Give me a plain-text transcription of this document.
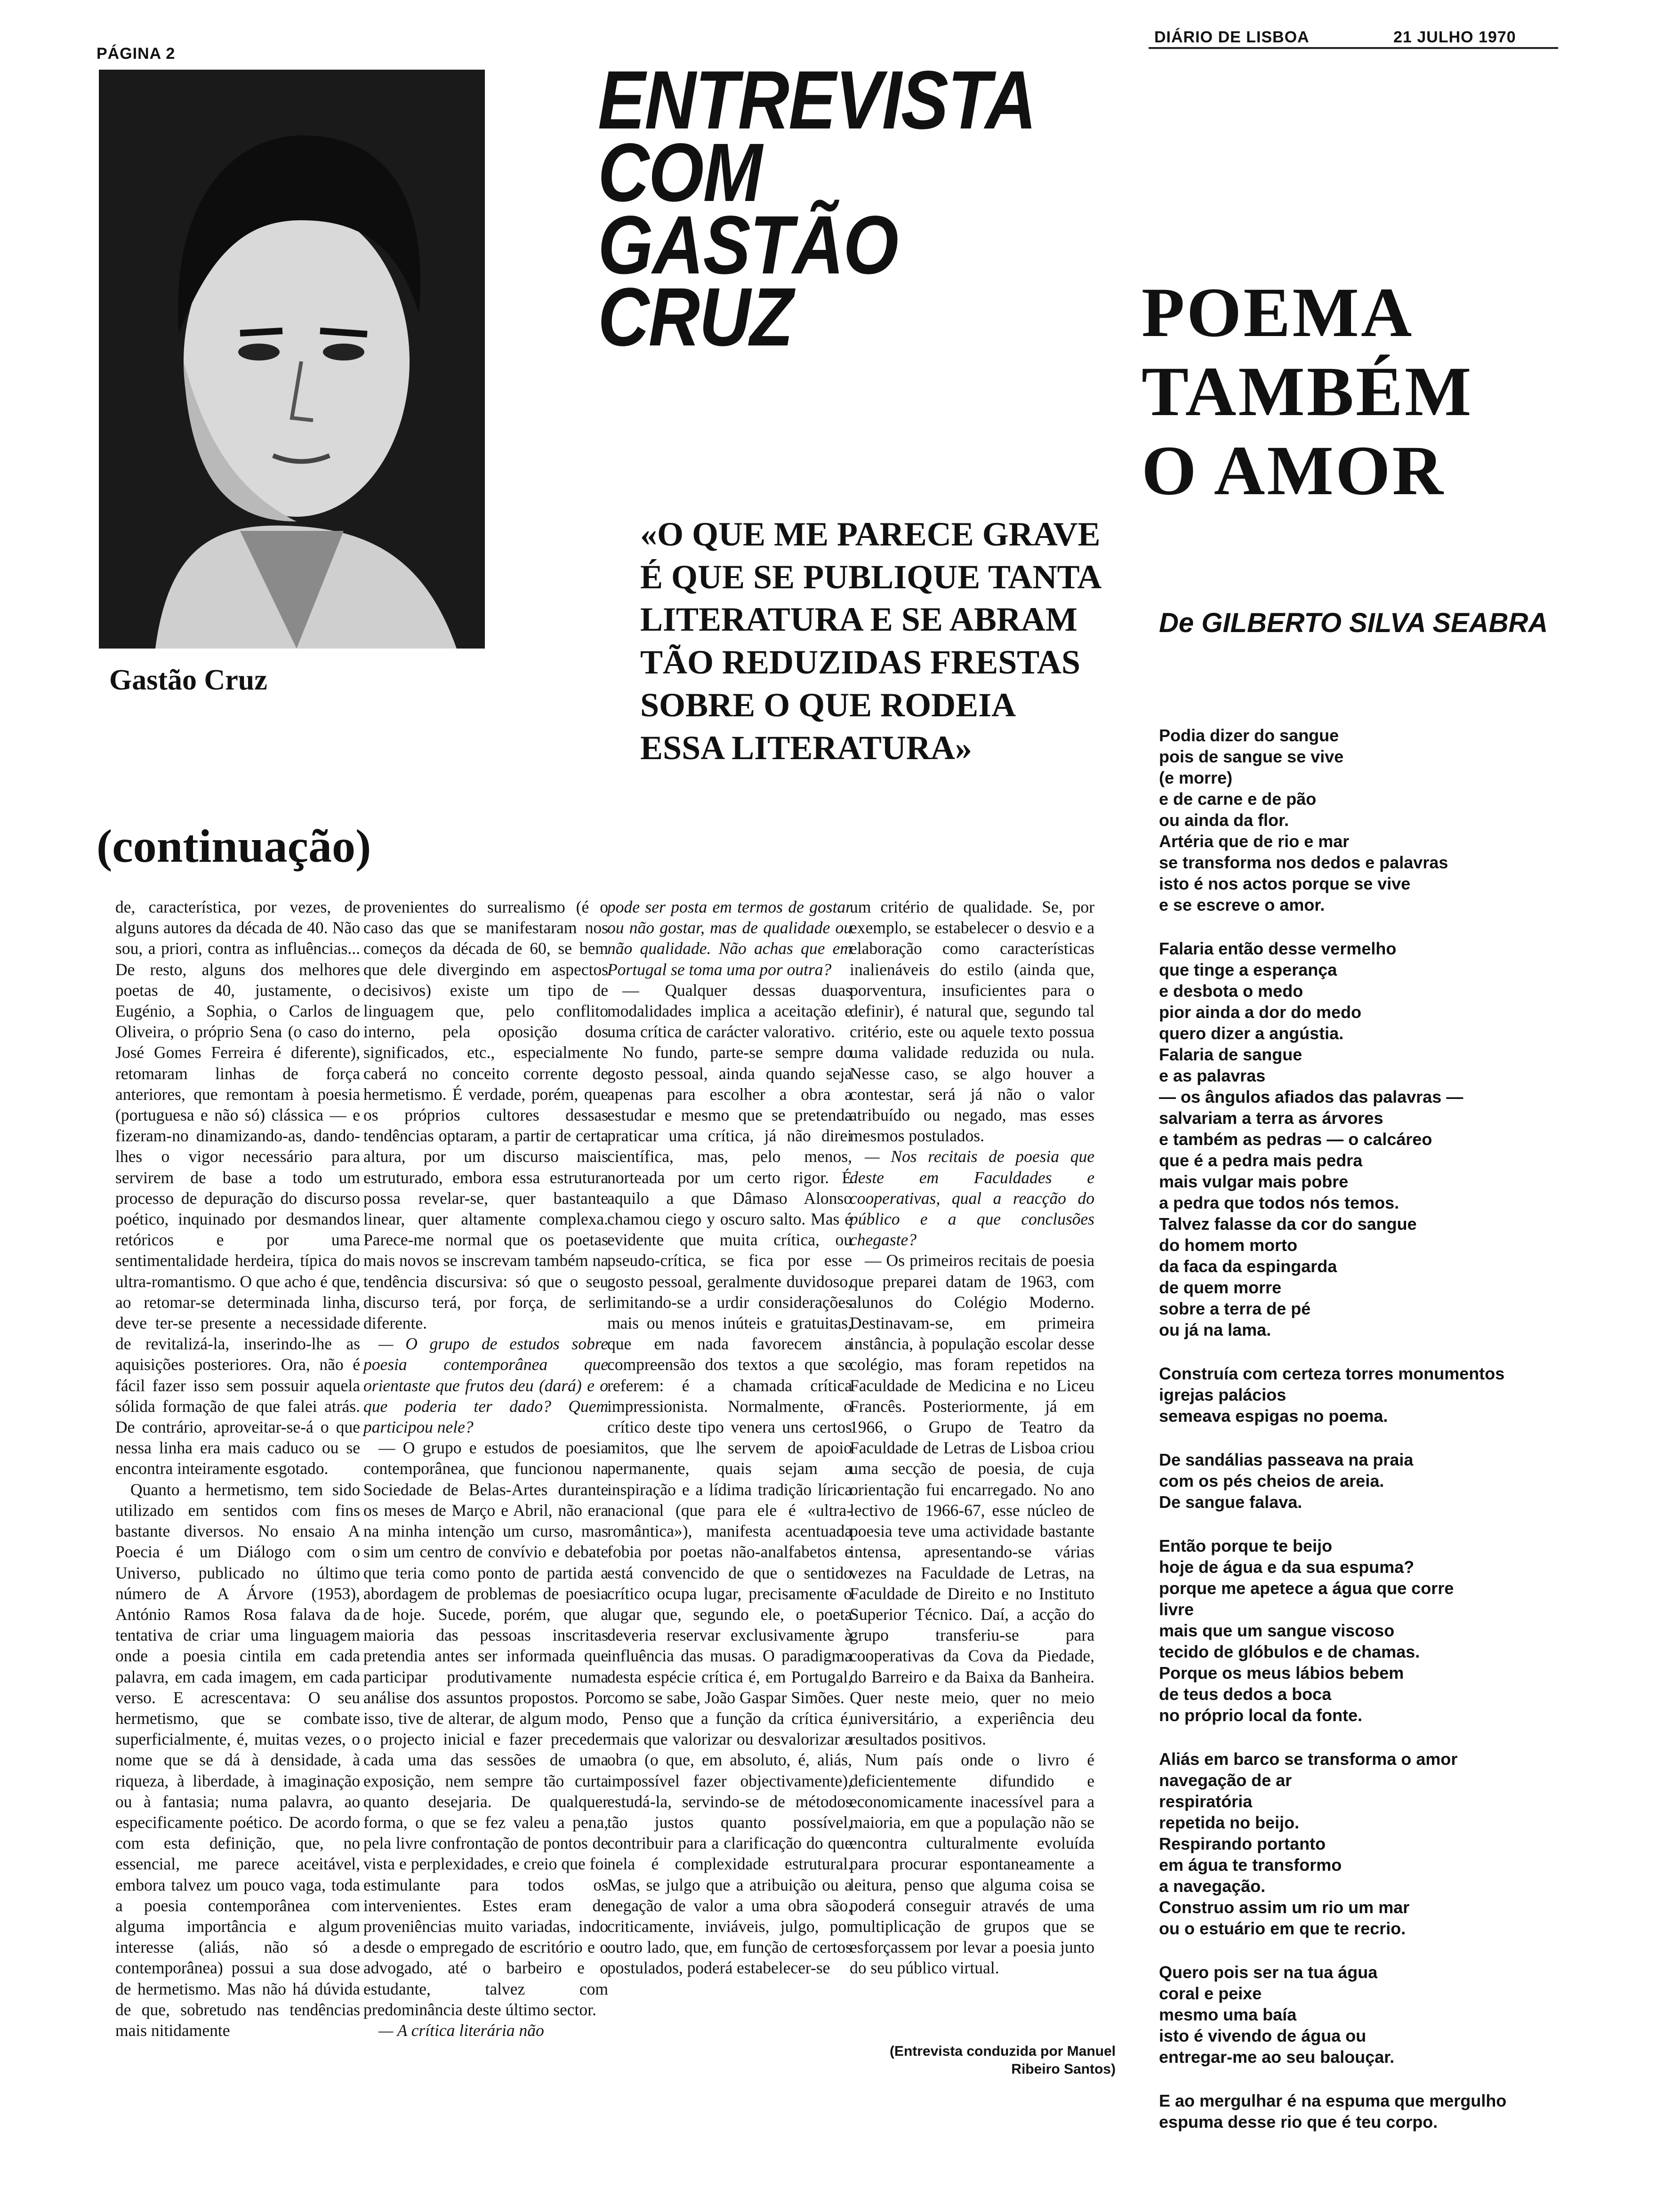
PÁGINA 2
DIÁRIO DE LISBOA	21 JULHO 1970
Gastão Cruz
(continuação)
ENTREVISTA
COM
GASTÃO
CRUZ
«O QUE ME PARECE GRAVE É QUE SE PUBLIQUE TANTA LITERATURA E SE ABRAM TÃO REDUZIDAS FRESTAS SOBRE O QUE RODEIA ESSA LITERATURA»
POEMA
TAMBÉM
O AMOR
De GILBERTO SILVA SEABRA
Podia dizer do sangue
pois de sangue se vive
(e morre)
e de carne e de pão
ou ainda da flor.
Artéria que de rio e mar
se transforma nos dedos e palavras
isto é nos actos porque se vive
e se escreve o amor.
Falaria então desse vermelho
que tinge a esperança
e desbota o medo
pior ainda a dor do medo
quero dizer a angústia.
Falaria de sangue
e as palavras
— os ângulos afiados das palavras —
salvariam a terra as árvores
e também as pedras — o calcáreo
que é a pedra mais pedra
mais vulgar mais pobre
a pedra que todos nós temos.
Talvez falasse da cor do sangue
do homem morto
da faca da espingarda
de quem morre
sobre a terra de pé
ou já na lama.
Construía com certeza torres monumentos
igrejas palácios
semeava espigas no poema.
De sandálias passeava na praia
com os pés cheios de areia.
De sangue falava.
Então porque te beijo
hoje de água e da sua espuma?
porque me apetece a água que corre
livre
mais que um sangue viscoso
tecido de glóbulos e de chamas.
Porque os meus lábios bebem
de teus dedos a boca
no próprio local da fonte.
Aliás em barco se transforma o amor
navegação de ar
respiratória
repetida no beijo.
Respirando portanto
em água te transformo
a navegação.
Construo assim um rio um mar
ou o estuário em que te recrio.
Quero pois ser na tua água
coral e peixe
mesmo uma baía
isto é vivendo de água ou
entregar-me ao seu balouçar.
E ao mergulhar é na espuma que mergulho
espuma desse rio que é teu corpo.

de, característica, por vezes, de alguns autores da década de 40. Não sou, a priori, contra as influências... De resto, alguns dos melhores poetas de 40, justamente, o Eugénio, a Sophia, o Carlos de Oliveira, o próprio Sena (o caso do José Gomes Ferreira é diferente), retomaram linhas de força anteriores, que remontam à poesia (portuguesa e não só) clássica — e fizeram-no dinamizando-as, dando-lhes o vigor necessário para servirem de base a todo um processo de depuração do discurso poético, inquinado por desmandos retóricos e por uma sentimentalidade herdeira, típica do ultra-romantismo. O que acho é que, ao retomar-se determinada linha, deve ter-se presente a necessidade de revitalizá-la, inserindo-lhe as aquisições posteriores. Ora, não é fácil fazer isso sem possuir aquela sólida formação de que falei atrás. De contrário, aproveitar-se-á o que nessa linha era mais caduco ou se encontra inteiramente esgotado.

Quanto a hermetismo, tem sido utilizado em sentidos com fins bastante diversos. No ensaio A Poecia é um Diálogo com o Universo, publicado no último número de A Árvore (1953), António Ramos Rosa falava da tentativa de criar uma linguagem onde a poesia cintila em cada palavra, em cada imagem, em cada verso. E acrescentava: O seu hermetismo, que se combate superficialmente, é, muitas vezes, o nome que se dá à densidade, à riqueza, à liberdade, à imaginação ou à fantasia; numa palavra, ao especificamente poético. De acordo com esta definição, que, no essencial, me parece aceitável, embora talvez um pouco vaga, toda a poesia contemporânea com alguma importância e algum interesse (aliás, não só a contemporânea) possui a sua dose de hermetismo. Mas não há dúvida de que, sobretudo nas tendências mais nitidamente

provenientes do surrealismo (é o caso das que se manifestaram nos começos da década de 60, se bem que dele divergindo em aspectos decisivos) existe um tipo de linguagem que, pelo conflito interno, pela oposição dos significados, etc., especialmente caberá no conceito corrente de hermetismo. É verdade, porém, que os próprios cultores dessas tendências optaram, a partir de certa altura, por um discurso mais estruturado, embora essa estrutura possa revelar-se, quer bastante linear, quer altamente complexa. Parece-me normal que os poetas mais novos se inscrevam também na tendência discursiva: só que o seu discurso terá, por força, de ser diferente.

— O grupo de estudos sobre poesia contemporânea que orientaste que frutos deu (dará) e o que poderia ter dado? Quem participou nele?

— O grupo e estudos de poesia contemporânea, que funcionou na Sociedade de Belas-Artes durante os meses de Março e Abril, não era na minha intenção um curso, mas sim um centro de convívio e debate que teria como ponto de partida a abordagem de problemas de poesia de hoje. Sucede, porém, que a maioria das pessoas inscritas pretendia antes ser informada que participar produtivamente numa análise dos assuntos propostos. Por isso, tive de alterar, de algum modo, o projecto inicial e fazer preceder cada uma das sessões de uma exposição, nem sempre tão curta quanto desejaria. De qualquer forma, o que se fez valeu a pena, pela livre confrontação de pontos de vista e perplexidades, e creio que foi estimulante para todos os intervenientes. Estes eram de proveniências muito variadas, indo desde o empregado de escritório e o advogado, até o barbeiro e o estudante, talvez com predominância deste último sector.

— A crítica literária não

pode ser posta em termos de gostar ou não gostar, mas de qualidade ou não qualidade. Não achas que em Portugal se toma uma por outra?

— Qualquer dessas duas modalidades implica a aceitação e uma crítica de carácter valorativo.

No fundo, parte-se sempre do gosto pessoal, ainda quando seja apenas para escolher a obra a estudar e mesmo que se pretenda praticar uma crítica, já não direi científica, mas, pelo menos, norteada por um certo rigor. É aquilo a que Dâmaso Alonso chamou ciego y oscuro salto. Mas é evidente que muita crítica, ou pseudo-crítica, se fica por esse gosto pessoal, geralmente duvidoso, limitando-se a urdir considerações mais ou menos inúteis e gratuitas, que em nada favorecem a compreensão dos textos a que se referem: é a chamada crítica impressionista. Normalmente, o crítico deste tipo venera uns certos mitos, que lhe servem de apoio permanente, quais sejam a inspiração e a lídima tradição lírica nacional (que para ele é «ultra-romântica»), manifesta acentuada fobia por poetas não-analfabetos e está convencido de que o sentido crítico ocupa lugar, precisamente o lugar que, segundo ele, o poeta deveria reservar exclusivamente à influência das musas. O paradigma desta espécie crítica é, em Portugal, como se sabe, João Gaspar Simões.

Penso que a função da crítica é, mais que valorizar ou desvalorizar a obra (o que, em absoluto, é, aliás, impossível fazer objectivamente), estudá-la, servindo-se de métodos tão justos quanto possível, contribuir para a clarificação do que nela é complexidade estrutural. Mas, se julgo que a atribuição ou a negação de valor a uma obra são, criticamente, inviáveis, julgo, por outro lado, que, em função de certos postulados, poderá estabelecer-se

um critério de qualidade. Se, por exemplo, se estabelecer o desvio e a elaboração como características inalienáveis do estilo (ainda que, porventura, insuficientes para o definir), é natural que, segundo tal critério, este ou aquele texto possua uma validade reduzida ou nula. Nesse caso, se algo houver a contestar, será já não o valor atribuído ou negado, mas esses mesmos postulados.

— Nos recitais de poesia que deste em Faculdades e cooperativas, qual a reacção do público e a que conclusões chegaste?

— Os primeiros recitais de poesia que preparei datam de 1963, com alunos do Colégio Moderno. Destinavam-se, em primeira instância, à população escolar desse colégio, mas foram repetidos na Faculdade de Medicina e no Liceu Francês. Posteriormente, já em 1966, o Grupo de Teatro da Faculdade de Letras de Lisboa criou uma secção de poesia, de cuja orientação fui encarregado. No ano lectivo de 1966-67, esse núcleo de poesia teve uma actividade bastante intensa, apresentando-se várias vezes na Faculdade de Letras, na Faculdade de Direito e no Instituto Superior Técnico. Daí, a acção do grupo transferiu-se para cooperativas da Cova da Piedade, do Barreiro e da Baixa da Banheira. Quer neste meio, quer no meio universitário, a experiência deu resultados positivos.

Num país onde o livro é deficientemente difundido e economicamente inacessível para a maioria, em que a população não se encontra culturalmente evoluída para procurar espontaneamente a leitura, penso que alguma coisa se poderá conseguir através de uma multiplicação de grupos que se esforçassem por levar a poesia junto do seu público virtual.

(Entrevista conduzida por Manuel Ribeiro Santos)
